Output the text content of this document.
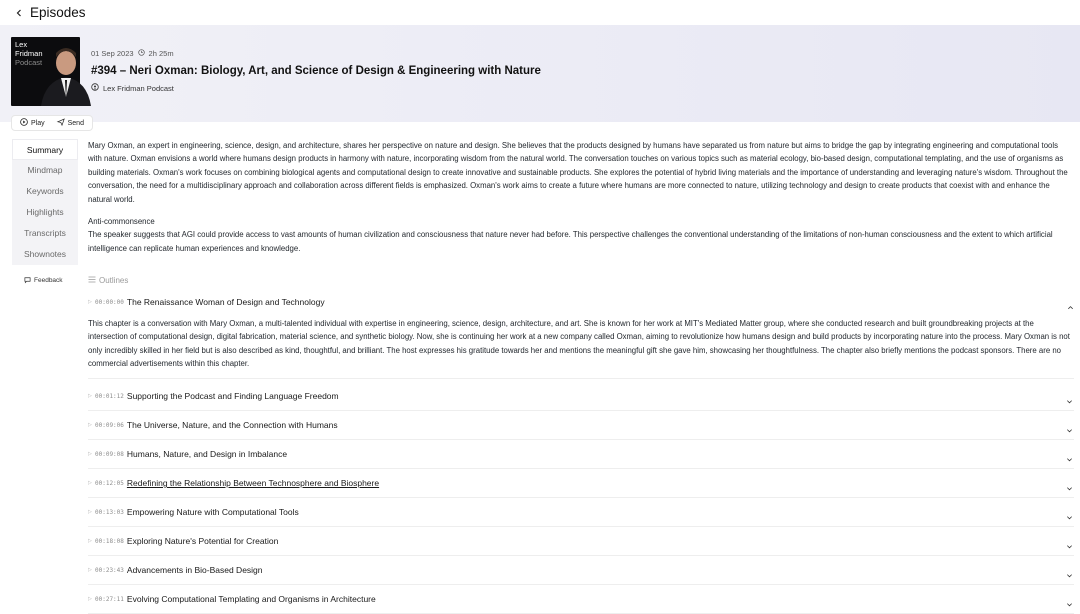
Episodes
Lex
Fridman
Podcast
01 Sep 2023 2h 25m
#394 – Neri Oxman: Biology, Art, and Science of Design & Engineering with Nature
Lex Fridman Podcast
Play	Send
Summary
Mindmap
Keywords
Highlights
Transcripts
Shownotes
Feedback

Mary Oxman, an expert in engineering, science, design, and architecture, shares her perspective on nature and design. She believes that the products designed by humans have separated us from nature but aims to bridge the gap by integrating engineering and computational tools with nature. Oxman envisions a world where humans design products in harmony with nature, incorporating wisdom from the natural world. The conversation touches on various topics such as material ecology, bio-based design, computational templating, and the use of organisms as building materials. Oxman's work focuses on combining biological agents and computational design to create innovative and sustainable products. She explores the potential of hybrid living materials and the importance of understanding and leveraging nature's wisdom. Throughout the conversation, the need for a multidisciplinary approach and collaboration across different fields is emphasized. Oxman's work aims to create a future where humans are more connected to nature, utilizing technology and design to create products that coexist with and enhance the natural world.

Anti-commonsence

The speaker suggests that AGI could provide access to vast amounts of human civilization and consciousness that nature never had before. This perspective challenges the conventional understanding of the limitations of non-human consciousness and the extent to which artificial intelligence can replicate human experiences and knowledge.

Outlines
▷ 00:00:00 The Renaissance Woman of Design and Technology

This chapter is a conversation with Mary Oxman, a multi-talented individual with expertise in engineering, science, design, architecture, and art. She is known for her work at MIT's Mediated Matter group, where she conducted research and built groundbreaking projects at the intersection of computational design, digital fabrication, material science, and synthetic biology. Now, she is continuing her work at a new company called Oxman, aiming to revolutionize how humans design and build products by incorporating nature into the process. Mary Oxman is not only incredibly skilled in her field but is also described as kind, thoughtful, and brilliant. The host expresses his gratitude towards her and mentions the meaningful gift she gave him, showcasing her thoughtfulness. The chapter also briefly mentions the podcast sponsors. There are no commercial advertisements within this chapter.

▷ 00:01:12 Supporting the Podcast and Finding Language Freedom
▷ 00:09:06 The Universe, Nature, and the Connection with Humans
▷ 00:09:08 Humans, Nature, and Design in Imbalance
▷ 00:12:05 Redefining the Relationship Between Technosphere and Biosphere
▷ 00:13:03 Empowering Nature with Computational Tools
▷ 00:18:08 Exploring Nature's Potential for Creation
▷ 00:23:43 Advancements in Bio-Based Design
▷ 00:27:11 Evolving Computational Templating and Organisms in Architecture
